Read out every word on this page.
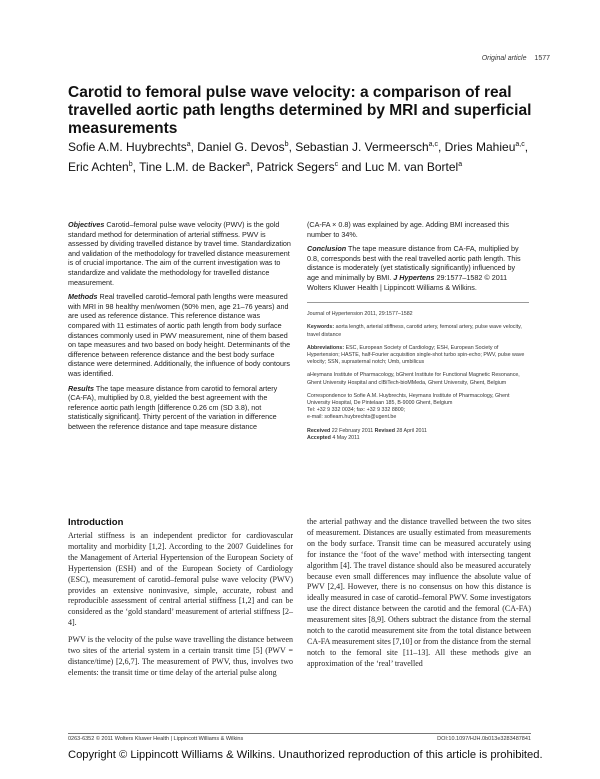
Original article 1577
Carotid to femoral pulse wave velocity: a comparison of real travelled aortic path lengths determined by MRI and superficial measurements
Sofie A.M. Huybrechts$^a$, Daniel G. Devos$^b$, Sebastian J. Vermeersch$^{a,c}$, Dries Mahieu$^{a,c}$, Eric Achten$^b$, Tine L.M. de Backer$^a$, Patrick Segers$^c$ and Luc M. van Bortel$^a$

Objectives Carotid–femoral pulse wave velocity (PWV) is the gold standard method for determination of arterial stiffness. PWV is assessed by dividing travelled distance by travel time. Standardization and validation of the methodology for travelled distance measurement is of crucial importance. The aim of the current investigation was to standardize and validate the methodology for travelled distance measurement.

Methods Real travelled carotid–femoral path lengths were measured with MRI in 98 healthy men/women (50% men, age 21–76 years) and are used as reference distance. This reference distance was compared with 11 estimates of aortic path length from body surface distances commonly used in PWV measurement, nine of them based on tape measures and two based on body height. Determinants of the difference between reference distance and the best body surface distance were determined. Additionally, the influence of body contours was identified.

Results The tape measure distance from carotid to femoral artery (CA-FA), multiplied by 0.8, yielded the best agreement with the reference aortic path length [difference 0.26 cm (SD 3.8), not statistically significant]. Thirty percent of the variation in difference between the reference distance and tape measure distance

(CA-FA × 0.8) was explained by age. Adding BMI increased this number to 34%.

Conclusion The tape measure distance from CA-FA, multiplied by 0.8, corresponds best with the real travelled aortic path length. This distance is moderately (yet statistically significantly) influenced by age and minimally by BMI. J Hypertens 29:1577–1582 © 2011 Wolters Kluwer Health | Lippincott Williams & Wilkins.

Journal of Hypertension 2011, 29:1577–1582

Keywords: aorta length, arterial stiffness, carotid artery, femoral artery, pulse wave velocity, travel distance

Abbreviations: ESC, European Society of Cardiology; ESH, European Society of Hypertension; HASTE, half-Fourier acquisition single-shot turbo spin-echo; PWV, pulse wave velocity; SSN, suprasternal notch; Umb, umbilicus

aHeymans Institute of Pharmacology, bGhent Institute for Functional Magnetic Resonance, Ghent University Hospital and cIBiTech-bioMMeda, Ghent University, Ghent, Belgium

Correspondence to Sofie A.M. Huybrechts, Heymans Institute of Pharmacology, Ghent University Hospital, De Pintelaan 185, B-9000 Ghent, Belgium
Tel: +32 9 332 0034; fax: +32 9 332 8800;
e-mail: sofieam.huybrechts@ugent.be

Received 22 February 2011 Revised 28 April 2011
Accepted 4 May 2011

Introduction

Arterial stiffness is an independent predictor for cardiovascular mortality and morbidity [1,2]. According to the 2007 Guidelines for the Management of Arterial Hypertension of the European Society of Hypertension (ESH) and of the European Society of Cardiology (ESC), measurement of carotid–femoral pulse wave velocity (PWV) provides an extensive noninvasive, simple, accurate, robust and reproducible assessment of central arterial stiffness [1,2] and can be considered as the ‘gold standard’ measurement of arterial stiffness [2–4].

PWV is the velocity of the pulse wave travelling the distance between two sites of the arterial system in a certain transit time [5] (PWV = distance/time) [2,6,7]. The measurement of PWV, thus, involves two elements: the transit time or time delay of the arterial pulse along

the arterial pathway and the distance travelled between the two sites of measurement. Distances are usually estimated from measurements on the body surface. Transit time can be measured accurately using for instance the ‘foot of the wave’ method with intersecting tangent algorithm [4]. The travel distance should also be measured accurately because even small differences may influence the absolute value of PWV [2,4]. However, there is no consensus on how this distance is ideally measured in case of carotid–femoral PWV. Some investigators use the direct distance between the carotid and the femoral (CA-FA) measurement sites [8,9]. Others subtract the distance from the sternal notch to the carotid measurement site from the total distance between CA-FA measurement sites [7,10] or from the distance from the sternal notch to the femoral site [11–13]. All these methods give an approximation of the ‘real’ travelled

0263-6352 © 2011 Wolters Kluwer Health | Lippincott Williams & Wilkins	DOI:10.1097/HJH.0b013e3283487841
Copyright © Lippincott Williams & Wilkins. Unauthorized reproduction of this article is prohibited.
